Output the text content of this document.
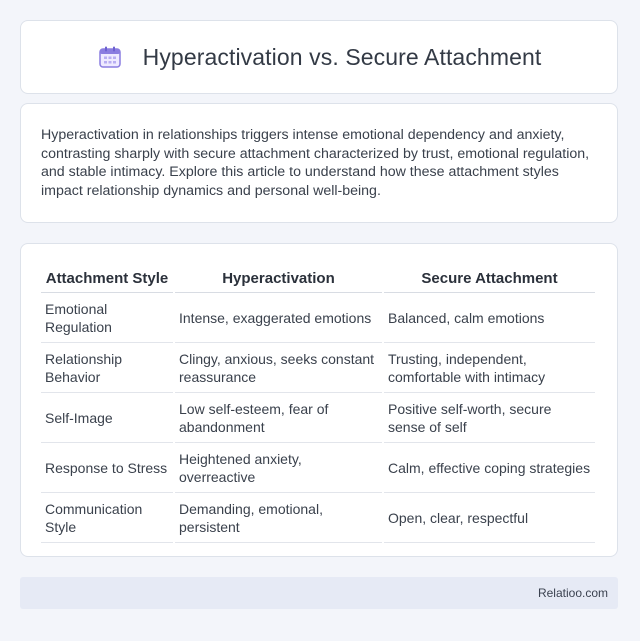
Hyperactivation vs. Secure Attachment

Hyperactivation in relationships triggers intense emotional dependency and anxiety, contrasting sharply with secure attachment characterized by trust, emotional regulation, and stable intimacy. Explore this article to understand how these attachment styles impact relationship dynamics and personal well-being.

Attachment Style	Hyperactivation	Secure Attachment
Emotional Regulation	Intense, exaggerated emotions	Balanced, calm emotions
Relationship Behavior	Clingy, anxious, seeks constant reassurance	Trusting, independent, comfortable with intimacy
Self-Image	Low self-esteem, fear of abandonment	Positive self-worth, secure sense of self
Response to Stress	Heightened anxiety, overreactive	Calm, effective coping strategies
Communication Style	Demanding, emotional, persistent	Open, clear, respectful
Relatioo.com
